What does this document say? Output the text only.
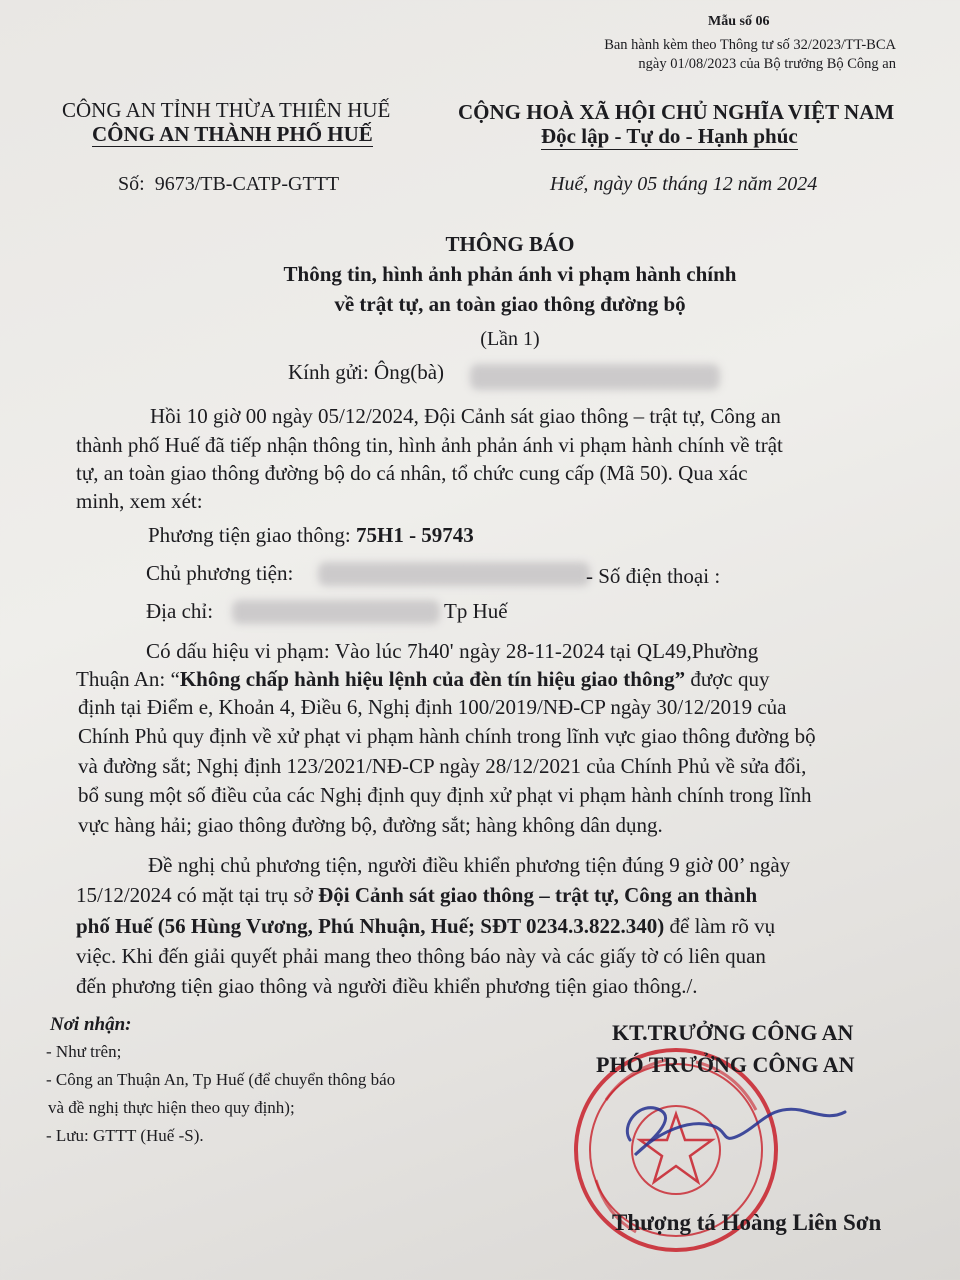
Mẫu số 06
Ban hành kèm theo Thông tư số 32/2023/TT-BCA
ngày 01/08/2023 của Bộ trưởng Bộ Công an
CÔNG AN TỈNH THỪA THIÊN HUẾ
CÔNG AN THÀNH PHỐ HUẾ
CỘNG HOÀ XÃ HỘI CHỦ NGHĨA VIỆT NAM
Độc lập - Tự do - Hạnh phúc
Số: 9673/TB-CATP-GTTT	Huế, ngày 05 tháng 12 năm 2024
THÔNG BÁO
Thông tin, hình ảnh phản ánh vi phạm hành chính
về trật tự, an toàn giao thông đường bộ
(Lần 1)
Kính gửi: Ông(bà)
Hồi 10 giờ 00 ngày 05/12/2024, Đội Cảnh sát giao thông – trật tự, Công an
thành phố Huế đã tiếp nhận thông tin, hình ảnh phản ánh vi phạm hành chính về trật
tự, an toàn giao thông đường bộ do cá nhân, tổ chức cung cấp (Mã 50). Qua xác
minh, xem xét:
Phương tiện giao thông: 75H1 - 59743
Chủ phương tiện:	- Số điện thoại :
Địa chỉ:	Tp Huế
Có dấu hiệu vi phạm: Vào lúc 7h40' ngày 28-11-2024 tại QL49,Phường
Thuận An: “Không chấp hành hiệu lệnh của đèn tín hiệu giao thông” được quy
định tại Điểm e, Khoản 4, Điều 6, Nghị định 100/2019/NĐ-CP ngày 30/12/2019 của
Chính Phủ quy định về xử phạt vi phạm hành chính trong lĩnh vực giao thông đường bộ
và đường sắt; Nghị định 123/2021/NĐ-CP ngày 28/12/2021 của Chính Phủ về sửa đổi,
bổ sung một số điều của các Nghị định quy định xử phạt vi phạm hành chính trong lĩnh
vực hàng hải; giao thông đường bộ, đường sắt; hàng không dân dụng.
Đề nghị chủ phương tiện, người điều khiển phương tiện đúng 9 giờ 00’ ngày
15/12/2024 có mặt tại trụ sở Đội Cảnh sát giao thông – trật tự, Công an thành
phố Huế (56 Hùng Vương, Phú Nhuận, Huế; SĐT 0234.3.822.340) để làm rõ vụ
việc. Khi đến giải quyết phải mang theo thông báo này và các giấy tờ có liên quan
đến phương tiện giao thông và người điều khiển phương tiện giao thông./.
Nơi nhận:
- Như trên;
- Công an Thuận An, Tp Huế (để chuyển thông báo
và đề nghị thực hiện theo quy định);
- Lưu: GTTT (Huế -S).
KT.TRƯỞNG CÔNG AN
PHÓ TRƯỞNG CÔNG AN
Thượng tá Hoàng Liên Sơn
